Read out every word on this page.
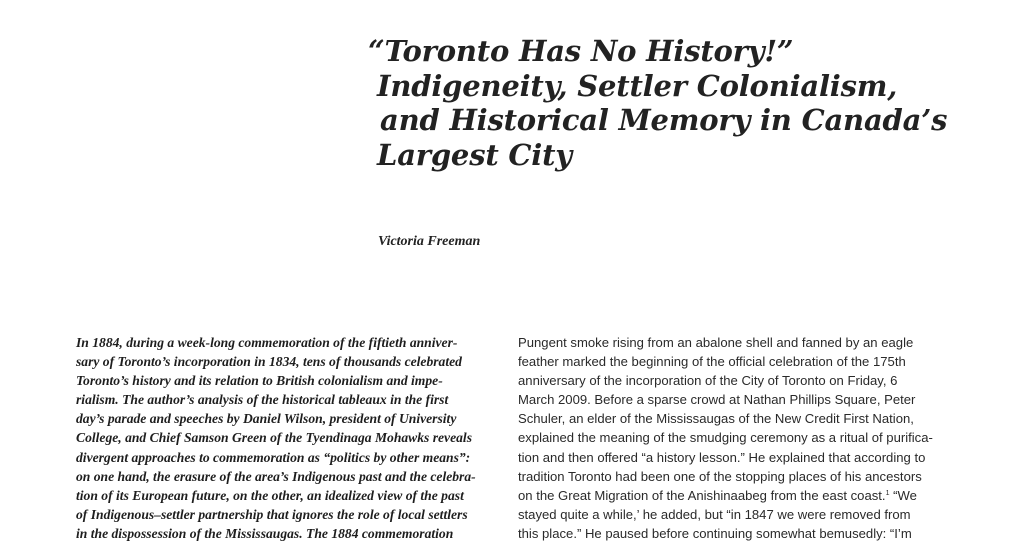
“Toronto Has No History!”
Indigeneity, Settler Colonialism,
and Historical Memory in Canada’s
Largest City
Victoria Freeman
In 1884, during a week-long commemoration of the fiftieth anniver-
sary of Toronto’s incorporation in 1834, tens of thousands celebrated
Toronto’s history and its relation to British colonialism and impe-
rialism. The author’s analysis of the historical tableaux in the first
day’s parade and speeches by Daniel Wilson, president of University
College, and Chief Samson Green of the Tyendinaga Mohawks reveals
divergent approaches to commemoration as “politics by other means”:
on one hand, the erasure of the area’s Indigenous past and the celebra-
tion of its European future, on the other, an idealized view of the past
of Indigenous–settler partnership that ignores the role of local settlers
in the dispossession of the Mississaugas. The 1884 commemoration
Pungent smoke rising from an abalone shell and fanned by an eagle
feather marked the beginning of the official celebration of the 175th
anniversary of the incorporation of the City of Toronto on Friday, 6
March 2009. Before a sparse crowd at Nathan Phillips Square, Peter
Schuler, an elder of the Mississaugas of the New Credit First Nation,
explained the meaning of the smudging ceremony as a ritual of purifica-
tion and then offered “a history lesson.” He explained that according to
tradition Toronto had been one of the stopping places of his ancestors
on the Great Migration of the Anishinaabeg from the east coast.$^1$ “We
stayed quite a while,’ he added, but “in 1847 we were removed from
this place.” He paused before continuing somewhat bemusedly: “I’m
